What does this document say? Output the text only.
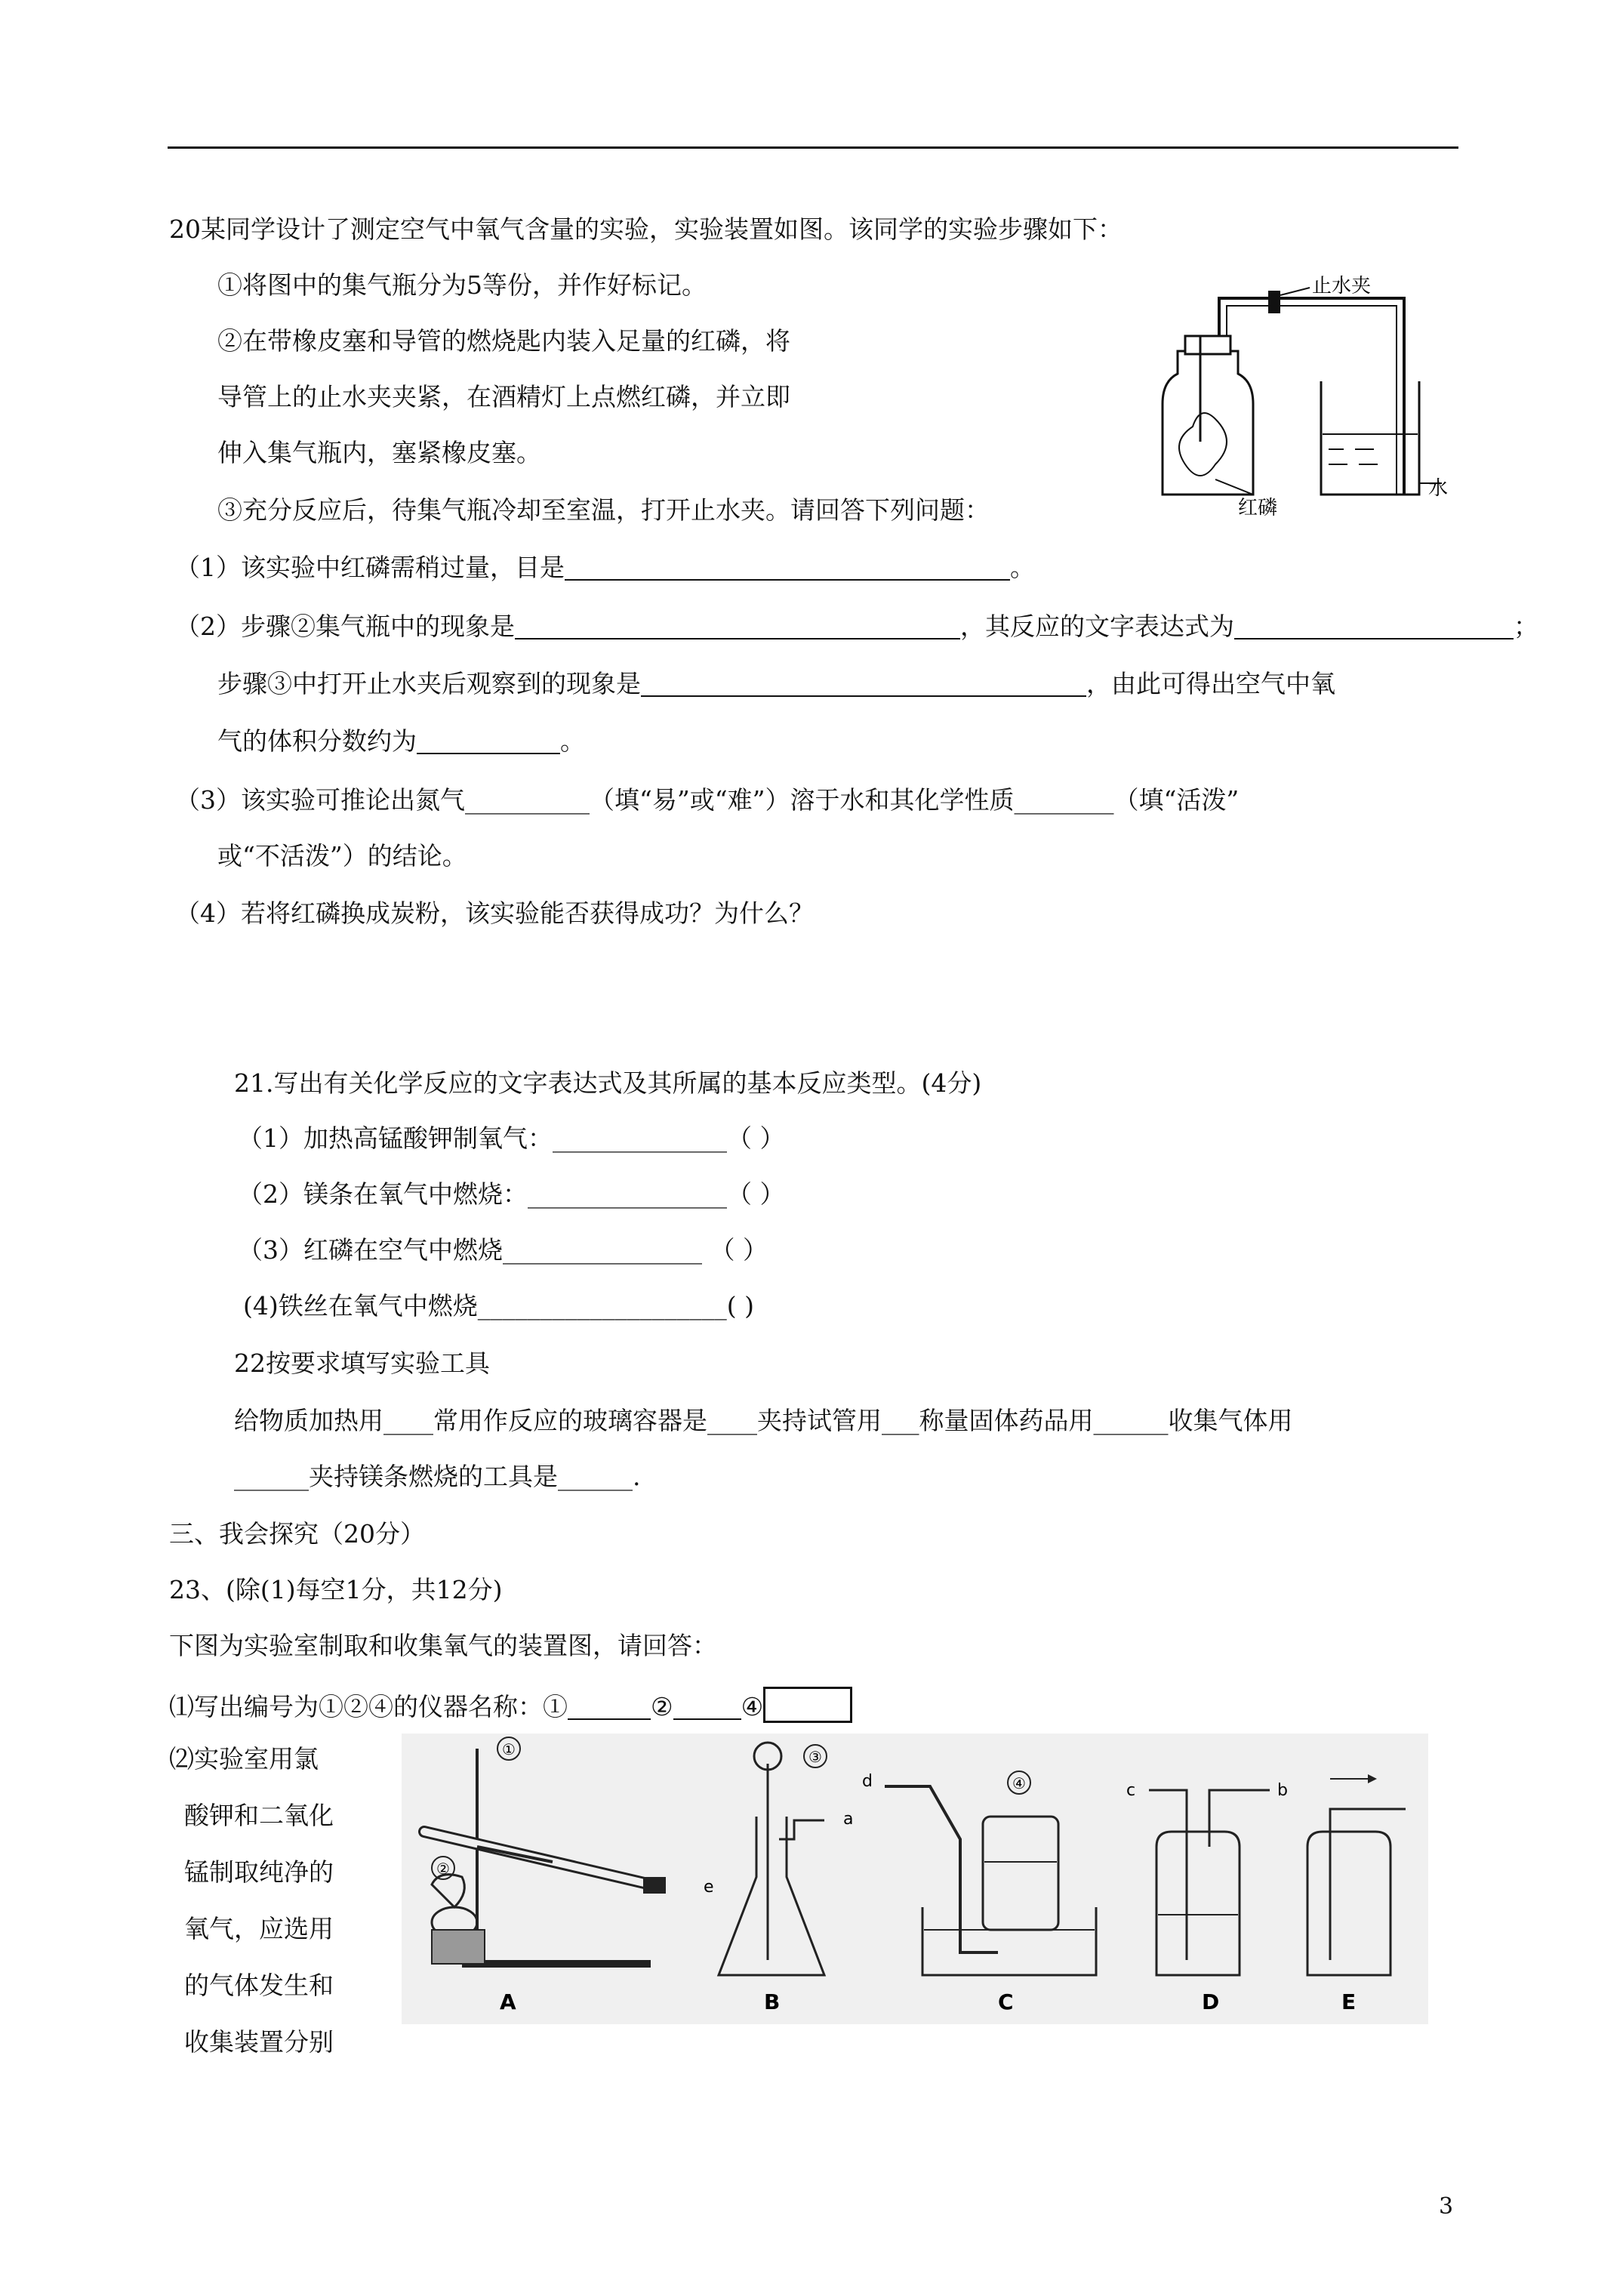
20某同学设计了测定空气中氧气含量的实验，实验装置如图。该同学的实验步骤如下：
①将图中的集气瓶分为5等份，并作好标记。
②在带橡皮塞和导管的燃烧匙内装入足量的红磷，将
导管上的止水夹夹紧，在酒精灯上点燃红磷，并立即
伸入集气瓶内，塞紧橡皮塞。
③充分反应后，待集气瓶冷却至室温，打开止水夹。请回答下列问题：
止水夹
水
红磷
（1）该实验中红磷需稍过量，目是	。
（2）步骤②集气瓶中的现象是	，其反应的文字表达式为	；
步骤③中打开止水夹后观察到的现象是	，由此可得出空气中氧
气的体积分数约为	。
（3）该实验可推论出氮气__________（填“易”或“难”）溶于水和其化学性质________（填“活泼”
或“不活泼”）的结论。
（4）若将红磷换成炭粉，该实验能否获得成功？为什么？
21.写出有关化学反应的文字表达式及其所属的基本反应类型。(4分)
（1）加热高锰酸钾制氧气：______________（ ）
（2）镁条在氧气中燃烧：________________（ ）
（3）红磷在空气中燃烧________________ （ ）
(4)铁丝在氧气中燃烧____________________( )
22按要求填写实验工具
给物质加热用____常用作反应的玻璃容器是____夹持试管用___称量固体药品用______收集气体用
______夹持镁条燃烧的工具是______.
三、我会探究（20分）
23、(除(1)每空1分，共12分)
下图为实验室制取和收集氧气的装置图，请回答：
⑴写出编号为①②④的仪器名称：①	②	④
⑵实验室用氯
酸钾和二氧化
锰制取纯净的
氧气，应选用
的气体发生和
收集装置分别
①
②
e
A
③
a
B
d	④
C
c	b
D	E
3
